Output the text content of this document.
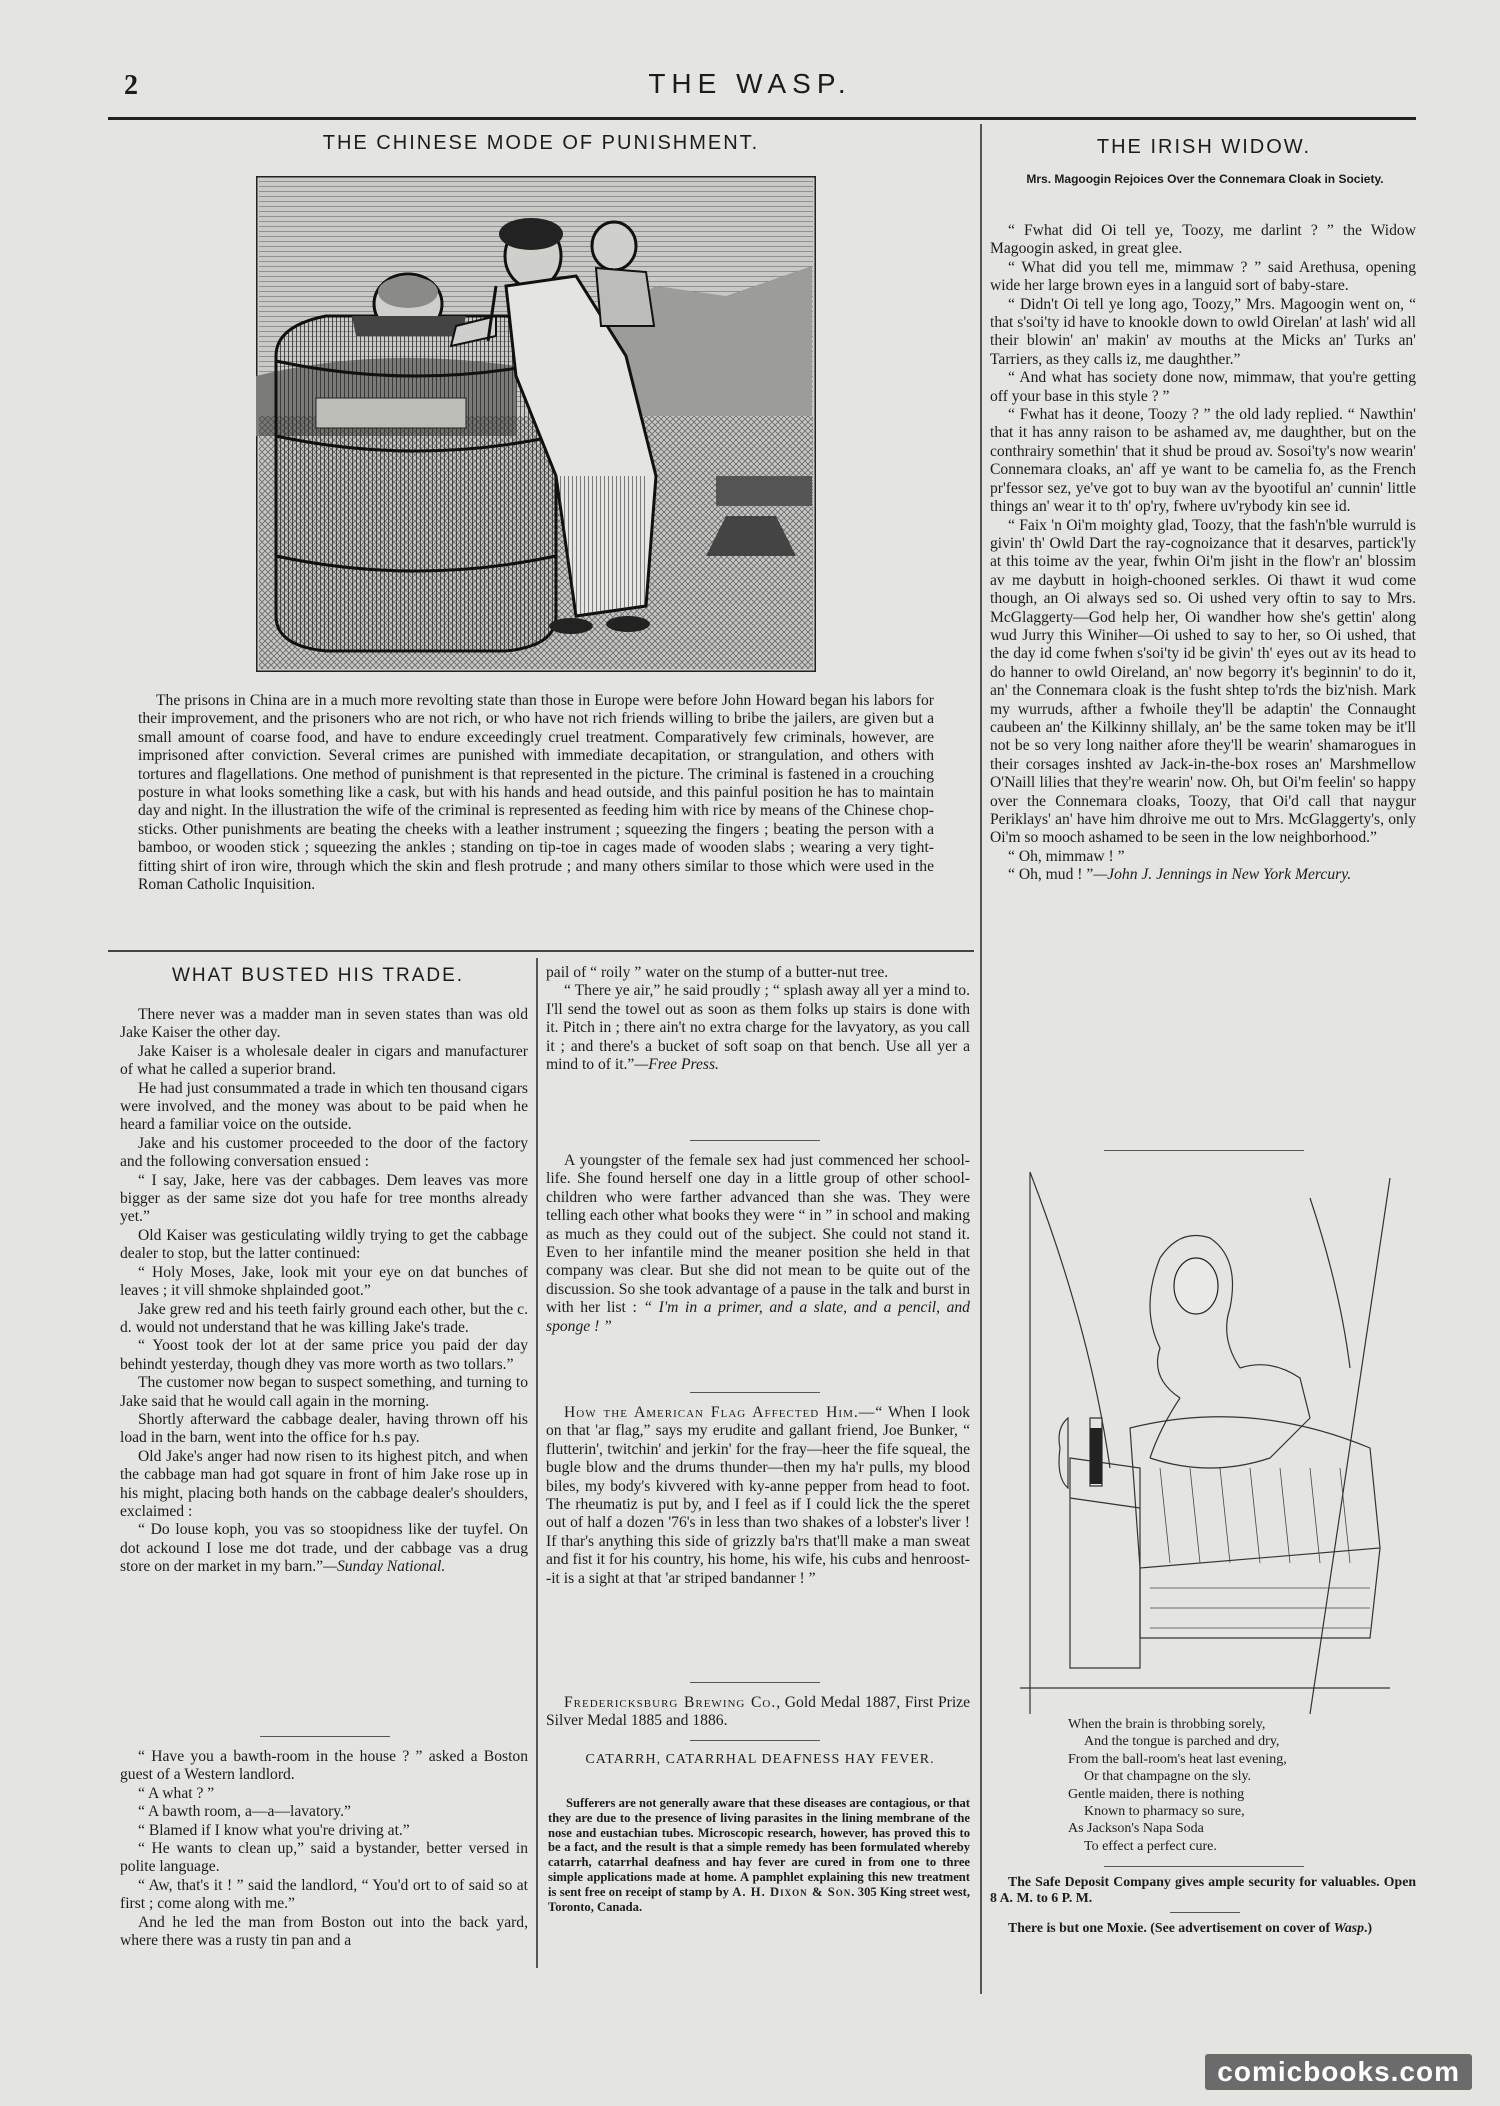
2	THE WASP.
THE CHINESE MODE OF PUNISHMENT.

The prisons in China are in a much more revolting state than those in Europe were before John Howard began his labors for their improvement, and the prisoners who are not rich, or who have not rich friends willing to bribe the jailers, are given but a small amount of coarse food, and have to endure exceedingly cruel treatment. Comparatively few criminals, however, are imprisoned after conviction. Several crimes are punished with immediate decapitation, or strangulation, and others with tortures and flagellations. One method of punishment is that represented in the picture. The criminal is fastened in a crouching posture in what looks something like a cask, but with his hands and head outside, and this painful position he has to maintain day and night. In the illustration the wife of the criminal is represented as feeding him with rice by means of the Chinese chop-sticks. Other punishments are beating the cheeks with a leather instrument ; squeezing the fingers ; beating the person with a bamboo, or wooden stick ; squeezing the ankles ; standing on tip-toe in cages made of wooden slabs ; wearing a very tight-fitting shirt of iron wire, through which the skin and flesh protrude ; and many others similar to those which were used in the Roman Catholic Inquisition.

WHAT BUSTED HIS TRADE.

There never was a madder man in seven states than was old Jake Kaiser the other day.

Jake Kaiser is a wholesale dealer in cigars and manufacturer of what he called a superior brand.

He had just consummated a trade in which ten thousand cigars were involved, and the money was about to be paid when he heard a familiar voice on the outside.

Jake and his customer proceeded to the door of the factory and the following conversation ensued :

“ I say, Jake, here vas der cabbages. Dem leaves vas more bigger as der same size dot you hafe for tree months already yet.”

Old Kaiser was gesticulating wildly trying to get the cabbage dealer to stop, but the latter continued:

“ Holy Moses, Jake, look mit your eye on dat bunches of leaves ; it vill shmoke shplainded goot.”

Jake grew red and his teeth fairly ground each other, but the c. d. would not understand that he was killing Jake's trade.

“ Yoost took der lot at der same price you paid der day behindt yesterday, though dhey vas more worth as two tollars.”

The customer now began to suspect something, and turning to Jake said that he would call again in the morning.

Shortly afterward the cabbage dealer, having thrown off his load in the barn, went into the office for h.s pay.

Old Jake's anger had now risen to its highest pitch, and when the cabbage man had got square in front of him Jake rose up in his might, placing both hands on the cabbage dealer's shoulders, exclaimed :

“ Do louse koph, you vas so stoopidness like der tuyfel. On dot ackound I lose me dot trade, und der cabbage vas a drug store on der market in my barn.”—Sunday National.

“ Have you a bawth-room in the house ? ” asked a Boston guest of a Western landlord.

“ A what ? ”

“ A bawth room, a—a—lavatory.”

“ Blamed if I know what you're driving at.”

“ He wants to clean up,” said a bystander, better versed in polite language.

“ Aw, that's it ! ” said the landlord, “ You'd ort to of said so at first ; come along with me.”

And he led the man from Boston out into the back yard, where there was a rusty tin pan and a

pail of “ roily ” water on the stump of a butter-nut tree.

“ There ye air,” he said proudly ; “ splash away all yer a mind to. I'll send the towel out as soon as them folks up stairs is done with it. Pitch in ; there ain't no extra charge for the lavyatory, as you call it ; and there's a bucket of soft soap on that bench. Use all yer a mind to of it.”—Free Press.

A youngster of the female sex had just commenced her school-life. She found herself one day in a little group of other school-children who were farther advanced than she was. They were telling each other what books they were “ in ” in school and making as much as they could out of the subject. She could not stand it. Even to her infantile mind the meaner position she held in that company was clear. But she did not mean to be quite out of the discussion. So she took advantage of a pause in the talk and burst in with her list : “ I'm in a primer, and a slate, and a pencil, and sponge ! ”

How the American Flag Affected Him.—“ When I look on that 'ar flag,” says my erudite and gallant friend, Joe Bunker, “ flutterin', twitchin' and jerkin' for the fray—heer the fife squeal, the bugle blow and the drums thunder—then my ha'r pulls, my blood biles, my body's kivvered with ky-anne pepper from head to foot. The rheumatiz is put by, and I feel as if I could lick the the speret out of half a dozen '76's in less than two shakes of a lobster's liver ! If thar's anything this side of grizzly ba'rs that'll make a man sweat and fist it for his country, his home, his wife, his cubs and henroost--it is a sight at that 'ar striped bandanner ! ”

Fredericksburg Brewing Co., Gold Medal 1887, First Prize Silver Medal 1885 and 1886.

CATARRH, CATARRHAL DEAFNESS HAY FEVER.

Sufferers are not generally aware that these diseases are contagious, or that they are due to the presence of living parasites in the lining membrane of the nose and eustachian tubes. Microscopic research, however, has proved this to be a fact, and the result is that a simple remedy has been formulated whereby catarrh, catarrhal deafness and hay fever are cured in from one to three simple applications made at home. A pamphlet explaining this new treatment is sent free on receipt of stamp by A. H. Dixon & Son. 305 King street west, Toronto, Canada.

THE IRISH WIDOW.
Mrs. Magoogin Rejoices Over the Connemara Cloak in Society.

“ Fwhat did Oi tell ye, Toozy, me darlint ? ” the Widow Magoogin asked, in great glee.

“ What did you tell me, mimmaw ? ” said Arethusa, opening wide her large brown eyes in a languid sort of baby-stare.

“ Didn't Oi tell ye long ago, Toozy,” Mrs. Magoogin went on, “ that s'soi'ty id have to knookle down to owld Oirelan' at lash' wid all their blowin' an' makin' av mouths at the Micks an' Turks an' Tarriers, as they calls iz, me daughther.”

“ And what has society done now, mimmaw, that you're getting off your base in this style ? ”

“ Fwhat has it deone, Toozy ? ” the old lady replied. “ Nawthin' that it has anny raison to be ashamed av, me daughther, but on the conthrairy somethin' that it shud be proud av. Sosoi'ty's now wearin' Connemara cloaks, an' aff ye want to be camelia fo, as the French pr'fessor sez, ye've got to buy wan av the byootiful an' cunnin' little things an' wear it to th' op'ry, fwhere uv'rybody kin see id.

“ Faix 'n Oi'm moighty glad, Toozy, that the fash'n'ble wurruld is givin' th' Owld Dart the ray-cognoizance that it desarves, partick'ly at this toime av the year, fwhin Oi'm jisht in the flow'r an' blossim av me daybutt in hoigh-chooned serkles. Oi thawt it wud come though, an Oi always sed so. Oi ushed very oftin to say to Mrs. McGlaggerty—God help her, Oi wandher how she's gettin' along wud Jurry this Winiher—Oi ushed to say to her, so Oi ushed, that the day id come fwhen s'soi'ty id be givin' th' eyes out av its head to do hanner to owld Oireland, an' now begorry it's beginnin' to do it, an' the Connemara cloak is the fusht shtep to'rds the biz'nish. Mark my wurruds, afther a fwhoile they'll be adaptin' the Connaught caubeen an' the Kilkinny shillaly, an' be the same token may be it'll not be so very long naither afore they'll be wearin' shamarogues in their corsages inshted av Jack-in-the-box roses an' Marshmellow O'Naill lilies that they're wearin' now. Oh, but Oi'm feelin' so happy over the Connemara cloaks, Toozy, that Oi'd call that naygur Periklays' an' have him dhroive me out to Mrs. McGlaggerty's, only Oi'm so mooch ashamed to be seen in the low neighborhood.”

“ Oh, mimmaw ! ”

“ Oh, mud ! ”—John J. Jennings in New York Mercury.

When the brain is throbbing sorely,
And the tongue is parched and dry,
From the ball-room's heat last evening,
Or that champagne on the sly.
Gentle maiden, there is nothing
Known to pharmacy so sure,
As Jackson's Napa Soda
To effect a perfect cure.

The Safe Deposit Company gives ample security for valuables. Open 8 A. M. to 6 P. M.

There is but one Moxie. (See advertisement on cover of Wasp.)

comicbooks.com
